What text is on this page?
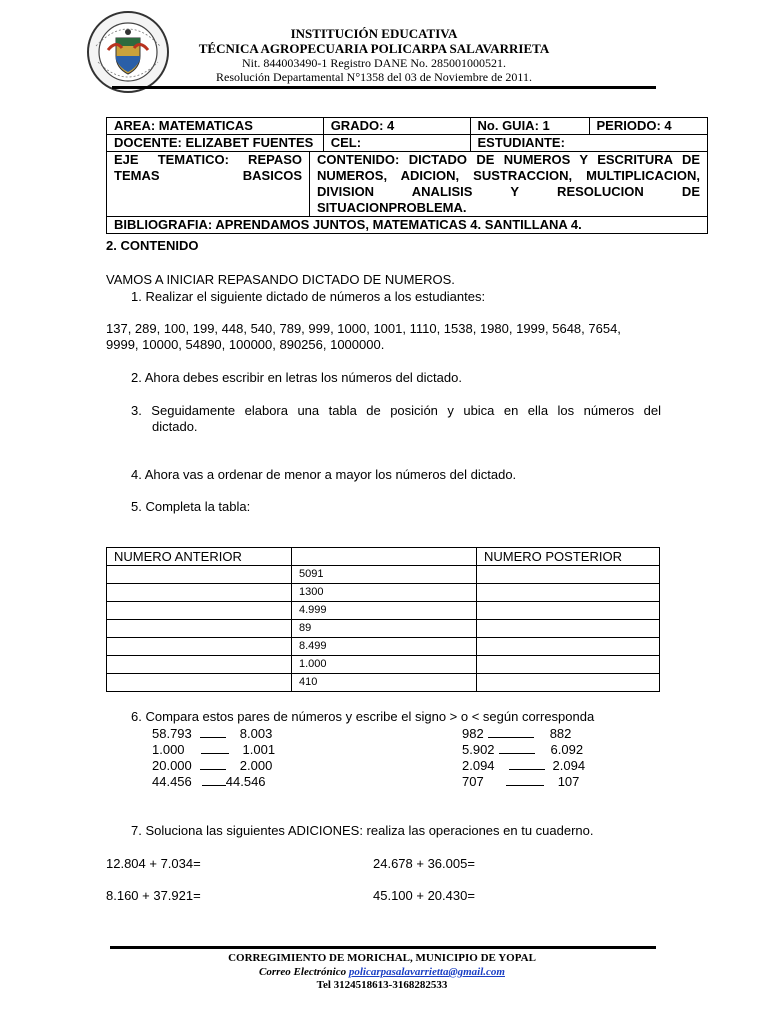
INSTITUCIÓN EDUCATIVA
TÉCNICA AGROPECUARIA POLICARPA SALAVARRIETA
Nit. 844003490-1 Registro DANE No. 285001000521.
Resolución Departamental N°1358 del 03 de Noviembre de 2011.
AREA: MATEMATICAS		GRADO: 4	No. GUIA: 1	PERIODO: 4
DOCENTE: ELIZABET FUENTES		CEL:	ESTUDIANTE:	
EJE TEMATICO: REPASO TEMAS BASICOS	CONTENIDO: DICTADO DE NUMEROS Y ESCRITURA DE NUMEROS, ADICION, SUSTRACCION, MULTIPLICACION, DIVISION ANALISIS Y RESOLUCION DE SITUACIONPROBLEMA.			
BIBLIOGRAFIA: APRENDAMOS JUNTOS, MATEMATICAS 4. SANTILLANA 4.				
2. CONTENIDO
VAMOS A INICIAR REPASANDO DICTADO DE NUMEROS.
1. Realizar el siguiente dictado de números a los estudiantes:
137, 289, 100, 199, 448, 540, 789, 999, 1000, 1001, 1110, 1538, 1980, 1999, 5648, 7654,
9999, 10000, 54890, 100000, 890256, 1000000.
2. Ahora debes escribir en letras los números del dictado.
3. Seguidamente elabora una tabla de posición y ubica en ella los números del
dictado.
4. Ahora vas a ordenar de menor a mayor los números del dictado.
5. Completa la tabla:
NUMERO ANTERIOR		NUMERO POSTERIOR
	5091	
	1300	
	4.999	
	89	
	8.499	
	1.000	
	410	
6. Compara estos pares de números y escribe el signo > o < según corresponda
58.793	8.003
1.000	1.001
20.000	2.000
44.456	44.546
982	882
5.902	6.092
2.094	2.094
707	107
7. Soluciona las siguientes ADICIONES: realiza las operaciones en tu cuaderno.
12.804 + 7.034=	24.678 + 36.005=
8.160 + 37.921=	45.100 + 20.430=
CORREGIMIENTO DE MORICHAL, MUNICIPIO DE YOPAL
Correo Electrónico policarpasalavarrietta@gmail.com
Tel 3124518613-3168282533
